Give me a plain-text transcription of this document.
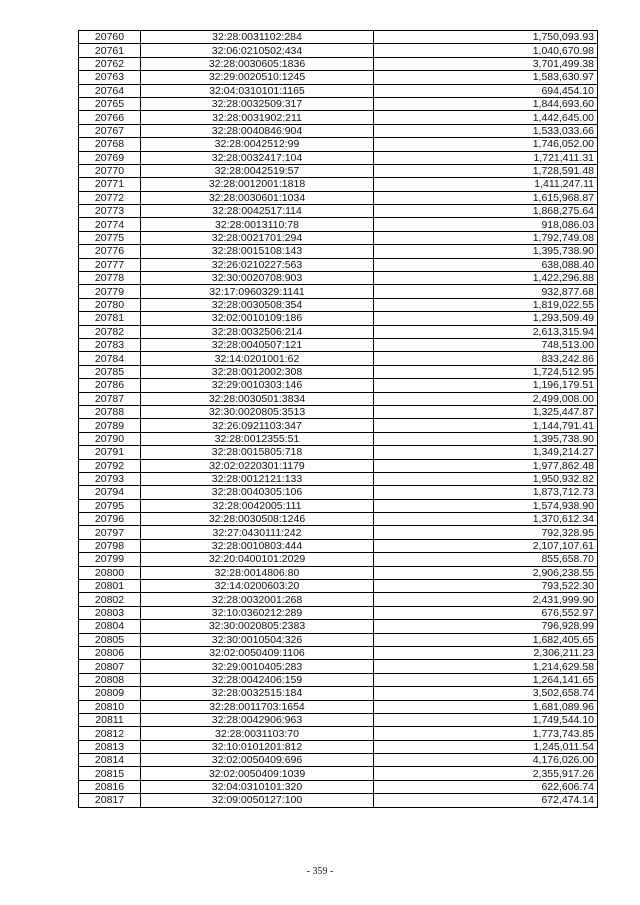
20760	32:28:0031102:284	1,750,093.93
20761	32:06:0210502:434	1,040,670.98
20762	32:28:0030605:1836	3,701,499.38
20763	32:29:0020510:1245	1,583,630.97
20764	32:04:0310101:1165	694,454.10
20765	32:28:0032509:317	1,844,693.60
20766	32:28:0031902:211	1,442,645.00
20767	32:28:0040846:904	1,533,033.66
20768	32:28:0042512:99	1,746,052.00
20769	32:28:0032417:104	1,721,411.31
20770	32:28:0042519:57	1,728,591.48
20771	32:28:0012001:1818	1,411,247.11
20772	32:28:0030601:1034	1,615,968.87
20773	32:28:0042517:114	1,868,275.64
20774	32:28:0013110:78	918,086.03
20775	32:28:0021701:294	1,792,749.08
20776	32:28:0015108:143	1,395,738.90
20777	32:26:0210227:563	638,088.40
20778	32:30:0020708:903	1,422,296.88
20779	32:17:0960329:1141	932,877.68
20780	32:28:0030508:354	1,819,022.55
20781	32:02:0010109:186	1,293,509.49
20782	32:28:0032506:214	2,613,315.94
20783	32:28:0040507:121	748,513.00
20784	32:14:0201001:62	833,242.86
20785	32:28:0012002:308	1,724,512.95
20786	32:29:0010303:146	1,196,179.51
20787	32:28:0030501:3834	2,499,008.00
20788	32:30:0020805:3513	1,325,447.87
20789	32:26:0921103:347	1,144,791.41
20790	32:28:0012355:51	1,395,738.90
20791	32:28:0015805:718	1,349,214.27
20792	32:02:0220301:1179	1,977,862.48
20793	32:28:0012121:133	1,950,932.82
20794	32:28:0040305:106	1,873,712.73
20795	32:28:0042005:111	1,574,938.90
20796	32:28:0030508:1246	1,370,612.34
20797	32:27:0430111:242	792,328.95
20798	32:28:0010803:444	2,107,107.61
20799	32:20:0400101:2029	855,658.70
20800	32:28:0014806:80	2,906,238.55
20801	32:14:0200603:20	793,522.30
20802	32:28:0032001:268	2,431,999.90
20803	32:10:0360212:289	676,552.97
20804	32:30:0020805:2383	796,928.99
20805	32:30:0010504:326	1,682,405.65
20806	32:02:0050409:1106	2,306,211.23
20807	32:29:0010405:283	1,214,629.58
20808	32:28:0042406:159	1,264,141.65
20809	32:28:0032515:184	3,502,658.74
20810	32:28:0011703:1654	1,681,089.96
20811	32:28:0042906:963	1,749,544.10
20812	32:28:0031103:70	1,773,743.85
20813	32:10:0101201:812	1,245,011.54
20814	32:02:0050409:696	4,176,026.00
20815	32:02:0050409:1039	2,355,917.26
20816	32:04:0310101:320	622,606.74
20817	32:09:0050127:100	672,474.14
- 359 -
